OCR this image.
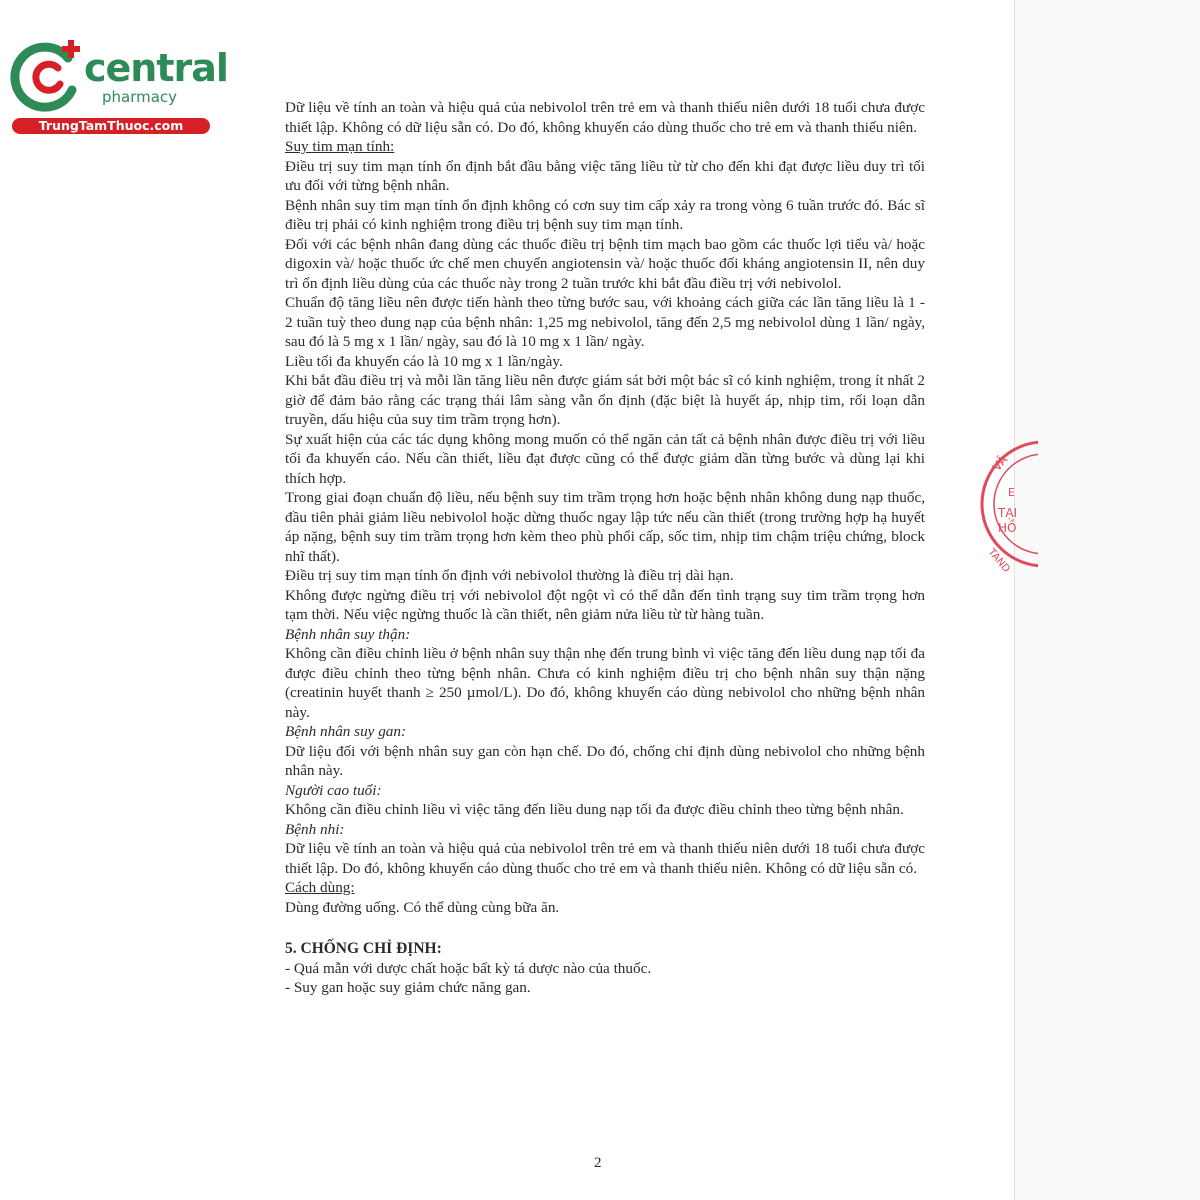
central
pharmacy
TrungTamThuoc.com
VÂ
E
TẠI
HỒ
TAND

Dữ liệu về tính an toàn và hiệu quả của nebivolol trên trẻ em và thanh thiếu niên dưới 18 tuổi chưa được thiết lập. Không có dữ liệu sẵn có. Do đó, không khuyến cáo dùng thuốc cho trẻ em và thanh thiếu niên.

Suy tim mạn tính:

Điều trị suy tim mạn tính ổn định bắt đầu bằng việc tăng liều từ từ cho đến khi đạt được liều duy trì tối ưu đối với từng bệnh nhân.

Bệnh nhân suy tim mạn tính ổn định không có cơn suy tim cấp xảy ra trong vòng 6 tuần trước đó. Bác sĩ điều trị phải có kinh nghiệm trong điều trị bệnh suy tim mạn tính.

Đối với các bệnh nhân đang dùng các thuốc điều trị bệnh tim mạch bao gồm các thuốc lợi tiểu và/ hoặc digoxin và/ hoặc thuốc ức chế men chuyển angiotensin và/ hoặc thuốc đối kháng angiotensin II, nên duy trì ổn định liều dùng của các thuốc này trong 2 tuần trước khi bắt đầu điều trị với nebivolol.

Chuẩn độ tăng liều nên được tiến hành theo từng bước sau, với khoảng cách giữa các lần tăng liều là 1 - 2 tuần tuỳ theo dung nạp của bệnh nhân: 1,25 mg nebivolol, tăng đến 2,5 mg nebivolol dùng 1 lần/ ngày, sau đó là 5 mg x 1 lần/ ngày, sau đó là 10 mg x 1 lần/ ngày.

Liều tối đa khuyến cáo là 10 mg x 1 lần/ngày.

Khi bắt đầu điều trị và mỗi lần tăng liều nên được giám sát bởi một bác sĩ có kinh nghiệm, trong ít nhất 2 giờ để đảm bảo rằng các trạng thái lâm sàng vẫn ổn định (đặc biệt là huyết áp, nhịp tim, rối loạn dẫn truyền, dấu hiệu của suy tim trầm trọng hơn).

Sự xuất hiện của các tác dụng không mong muốn có thể ngăn cản tất cả bệnh nhân được điều trị với liều tối đa khuyến cáo. Nếu cần thiết, liều đạt được cũng có thể được giảm dần từng bước và dùng lại khi thích hợp.

Trong giai đoạn chuẩn độ liều, nếu bệnh suy tim trầm trọng hơn hoặc bệnh nhân không dung nạp thuốc, đầu tiên phải giảm liều nebivolol hoặc dừng thuốc ngay lập tức nếu cần thiết (trong trường hợp hạ huyết áp nặng, bệnh suy tim trầm trọng hơn kèm theo phù phổi cấp, sốc tim, nhịp tim chậm triệu chứng, block nhĩ thất).

Điều trị suy tim mạn tính ổn định với nebivolol thường là điều trị dài hạn.

Không được ngừng điều trị với nebivolol đột ngột vì có thể dẫn đến tình trạng suy tim trầm trọng hơn tạm thời. Nếu việc ngừng thuốc là cần thiết, nên giảm nửa liều từ từ hàng tuần.

Bệnh nhân suy thận:

Không cần điều chỉnh liều ở bệnh nhân suy thận nhẹ đến trung bình vì việc tăng đến liều dung nạp tối đa được điều chỉnh theo từng bệnh nhân. Chưa có kinh nghiệm điều trị cho bệnh nhân suy thận nặng (creatinin huyết thanh ≥ 250 µmol/L). Do đó, không khuyến cáo dùng nebivolol cho những bệnh nhân này.

Bệnh nhân suy gan:

Dữ liệu đối với bệnh nhân suy gan còn hạn chế. Do đó, chống chỉ định dùng nebivolol cho những bệnh nhân này.

Người cao tuổi:

Không cần điều chỉnh liều vì việc tăng đến liều dung nạp tối đa được điều chỉnh theo từng bệnh nhân.

Bệnh nhi:

Dữ liệu về tính an toàn và hiệu quả của nebivolol trên trẻ em và thanh thiếu niên dưới 18 tuổi chưa được thiết lập. Do đó, không khuyến cáo dùng thuốc cho trẻ em và thanh thiếu niên. Không có dữ liệu sẵn có.

Cách dùng:

Dùng đường uống. Có thể dùng cùng bữa ăn.

5. CHỐNG CHỈ ĐỊNH:

- Quá mẫn với dược chất hoặc bất kỳ tá dược nào của thuốc.

- Suy gan hoặc suy giảm chức năng gan.

2
